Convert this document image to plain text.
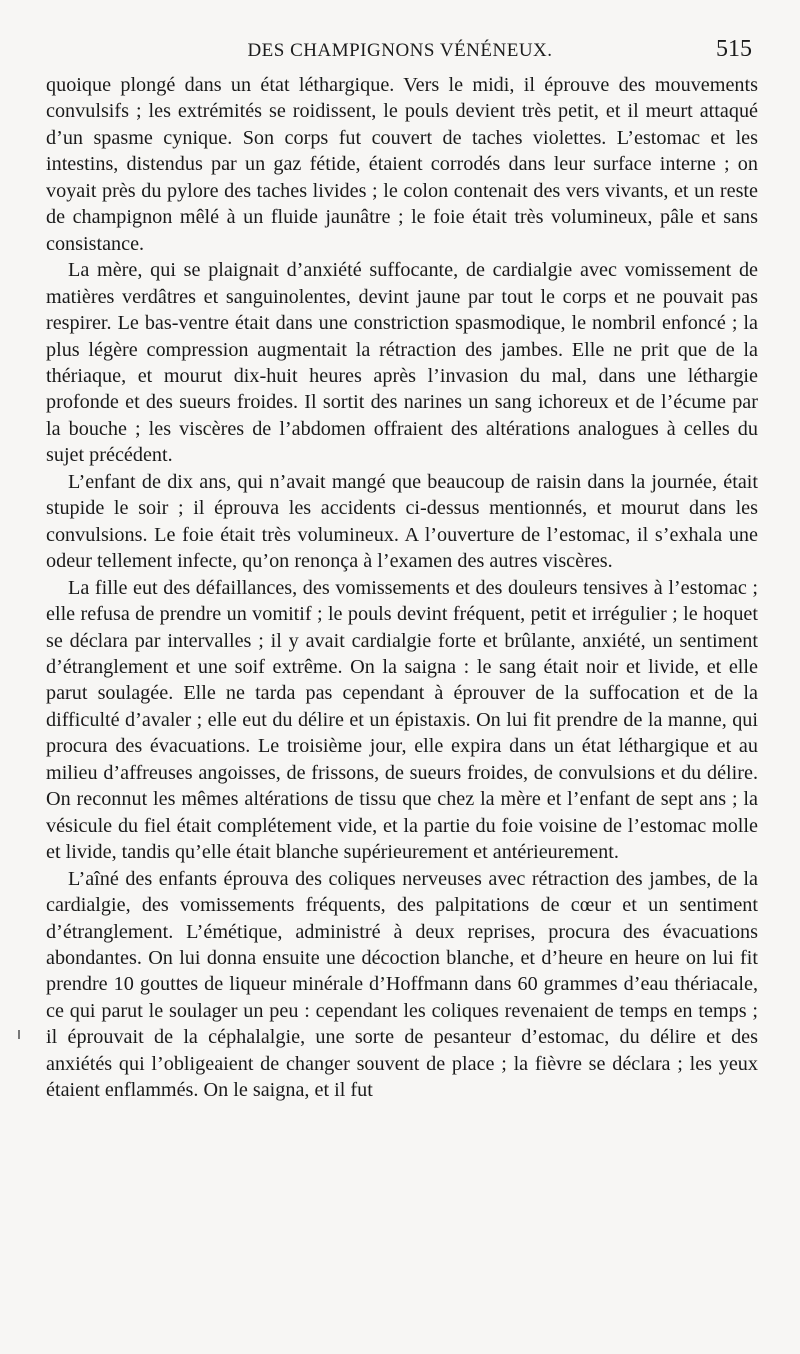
DES CHAMPIGNONS VÉNÉNEUX.	515

quoique plongé dans un état léthargique. Vers le midi, il éprouve des mouvements convulsifs ; les extrémités se roidissent, le pouls devient très petit, et il meurt attaqué d’un spasme cynique. Son corps fut couvert de taches violettes. L’estomac et les intestins, distendus par un gaz fétide, étaient corrodés dans leur surface interne ; on voyait près du pylore des taches livides ; le colon contenait des vers vivants, et un reste de champignon mêlé à un fluide jaunâtre ; le foie était très volumineux, pâle et sans consistance.

La mère, qui se plaignait d’anxiété suffocante, de cardialgie avec vomissement de matières verdâtres et sanguinolentes, devint jaune par tout le corps et ne pouvait pas respirer. Le bas-ventre était dans une constriction spasmodique, le nombril enfoncé ; la plus légère compression augmentait la rétraction des jambes. Elle ne prit que de la thériaque, et mourut dix-huit heures après l’invasion du mal, dans une léthargie profonde et des sueurs froides. Il sortit des narines un sang ichoreux et de l’écume par la bouche ; les viscères de l’abdomen offraient des altérations analogues à celles du sujet précédent.

L’enfant de dix ans, qui n’avait mangé que beaucoup de raisin dans la journée, était stupide le soir ; il éprouva les accidents ci-dessus mentionnés, et mourut dans les convulsions. Le foie était très volumineux. A l’ouverture de l’estomac, il s’exhala une odeur tellement infecte, qu’on renonça à l’examen des autres viscères.

La fille eut des défaillances, des vomissements et des douleurs tensives à l’estomac ; elle refusa de prendre un vomitif ; le pouls devint fréquent, petit et irrégulier ; le hoquet se déclara par intervalles ; il y avait cardialgie forte et brûlante, anxiété, un sentiment d’étranglement et une soif extrême. On la saigna : le sang était noir et livide, et elle parut soulagée. Elle ne tarda pas cependant à éprouver de la suffocation et de la difficulté d’avaler ; elle eut du délire et un épistaxis. On lui fit prendre de la manne, qui procura des évacuations. Le troisième jour, elle expira dans un état léthargique et au milieu d’affreuses angoisses, de frissons, de sueurs froides, de convulsions et du délire. On reconnut les mêmes altérations de tissu que chez la mère et l’enfant de sept ans ; la vésicule du fiel était complétement vide, et la partie du foie voisine de l’estomac molle et livide, tandis qu’elle était blanche supérieurement et antérieurement.

L’aîné des enfants éprouva des coliques nerveuses avec rétraction des jambes, de la cardialgie, des vomissements fréquents, des palpitations de cœur et un sentiment d’étranglement. L’émétique, administré à deux reprises, procura des évacuations abondantes. On lui donna ensuite une décoction blanche, et d’heure en heure on lui fit prendre 10 gouttes de liqueur minérale d’Hoffmann dans 60 grammes d’eau thériacale, ce qui parut le soulager un peu : cependant les coliques revenaient de temps en temps ; il éprouvait de la céphalalgie, une sorte de pesanteur d’estomac, du délire et des anxiétés qui l’obligeaient de changer souvent de place ; la fièvre se déclara ; les yeux étaient enflammés. On le saigna, et il fut
